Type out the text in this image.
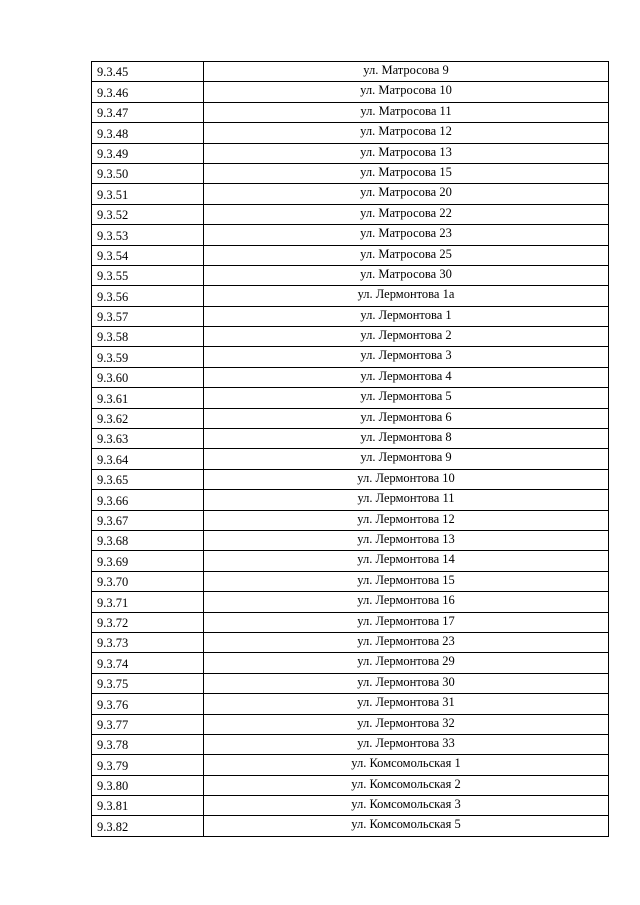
9.3.45	ул. Матросова 9
9.3.46	ул. Матросова 10
9.3.47	ул. Матросова 11
9.3.48	ул. Матросова 12
9.3.49	ул. Матросова 13
9.3.50	ул. Матросова 15
9.3.51	ул. Матросова 20
9.3.52	ул. Матросова 22
9.3.53	ул. Матросова 23
9.3.54	ул. Матросова 25
9.3.55	ул. Матросова 30
9.3.56	ул. Лермонтова 1а
9.3.57	ул. Лермонтова 1
9.3.58	ул. Лермонтова 2
9.3.59	ул. Лермонтова 3
9.3.60	ул. Лермонтова 4
9.3.61	ул. Лермонтова 5
9.3.62	ул. Лермонтова 6
9.3.63	ул. Лермонтова 8
9.3.64	ул. Лермонтова 9
9.3.65	ул. Лермонтова 10
9.3.66	ул. Лермонтова 11
9.3.67	ул. Лермонтова 12
9.3.68	ул. Лермонтова 13
9.3.69	ул. Лермонтова 14
9.3.70	ул. Лермонтова 15
9.3.71	ул. Лермонтова 16
9.3.72	ул. Лермонтова 17
9.3.73	ул. Лермонтова 23
9.3.74	ул. Лермонтова 29
9.3.75	ул. Лермонтова 30
9.3.76	ул. Лермонтова 31
9.3.77	ул. Лермонтова 32
9.3.78	ул. Лермонтова 33
9.3.79	ул. Комсомольская 1
9.3.80	ул. Комсомольская 2
9.3.81	ул. Комсомольская 3
9.3.82	ул. Комсомольская 5
